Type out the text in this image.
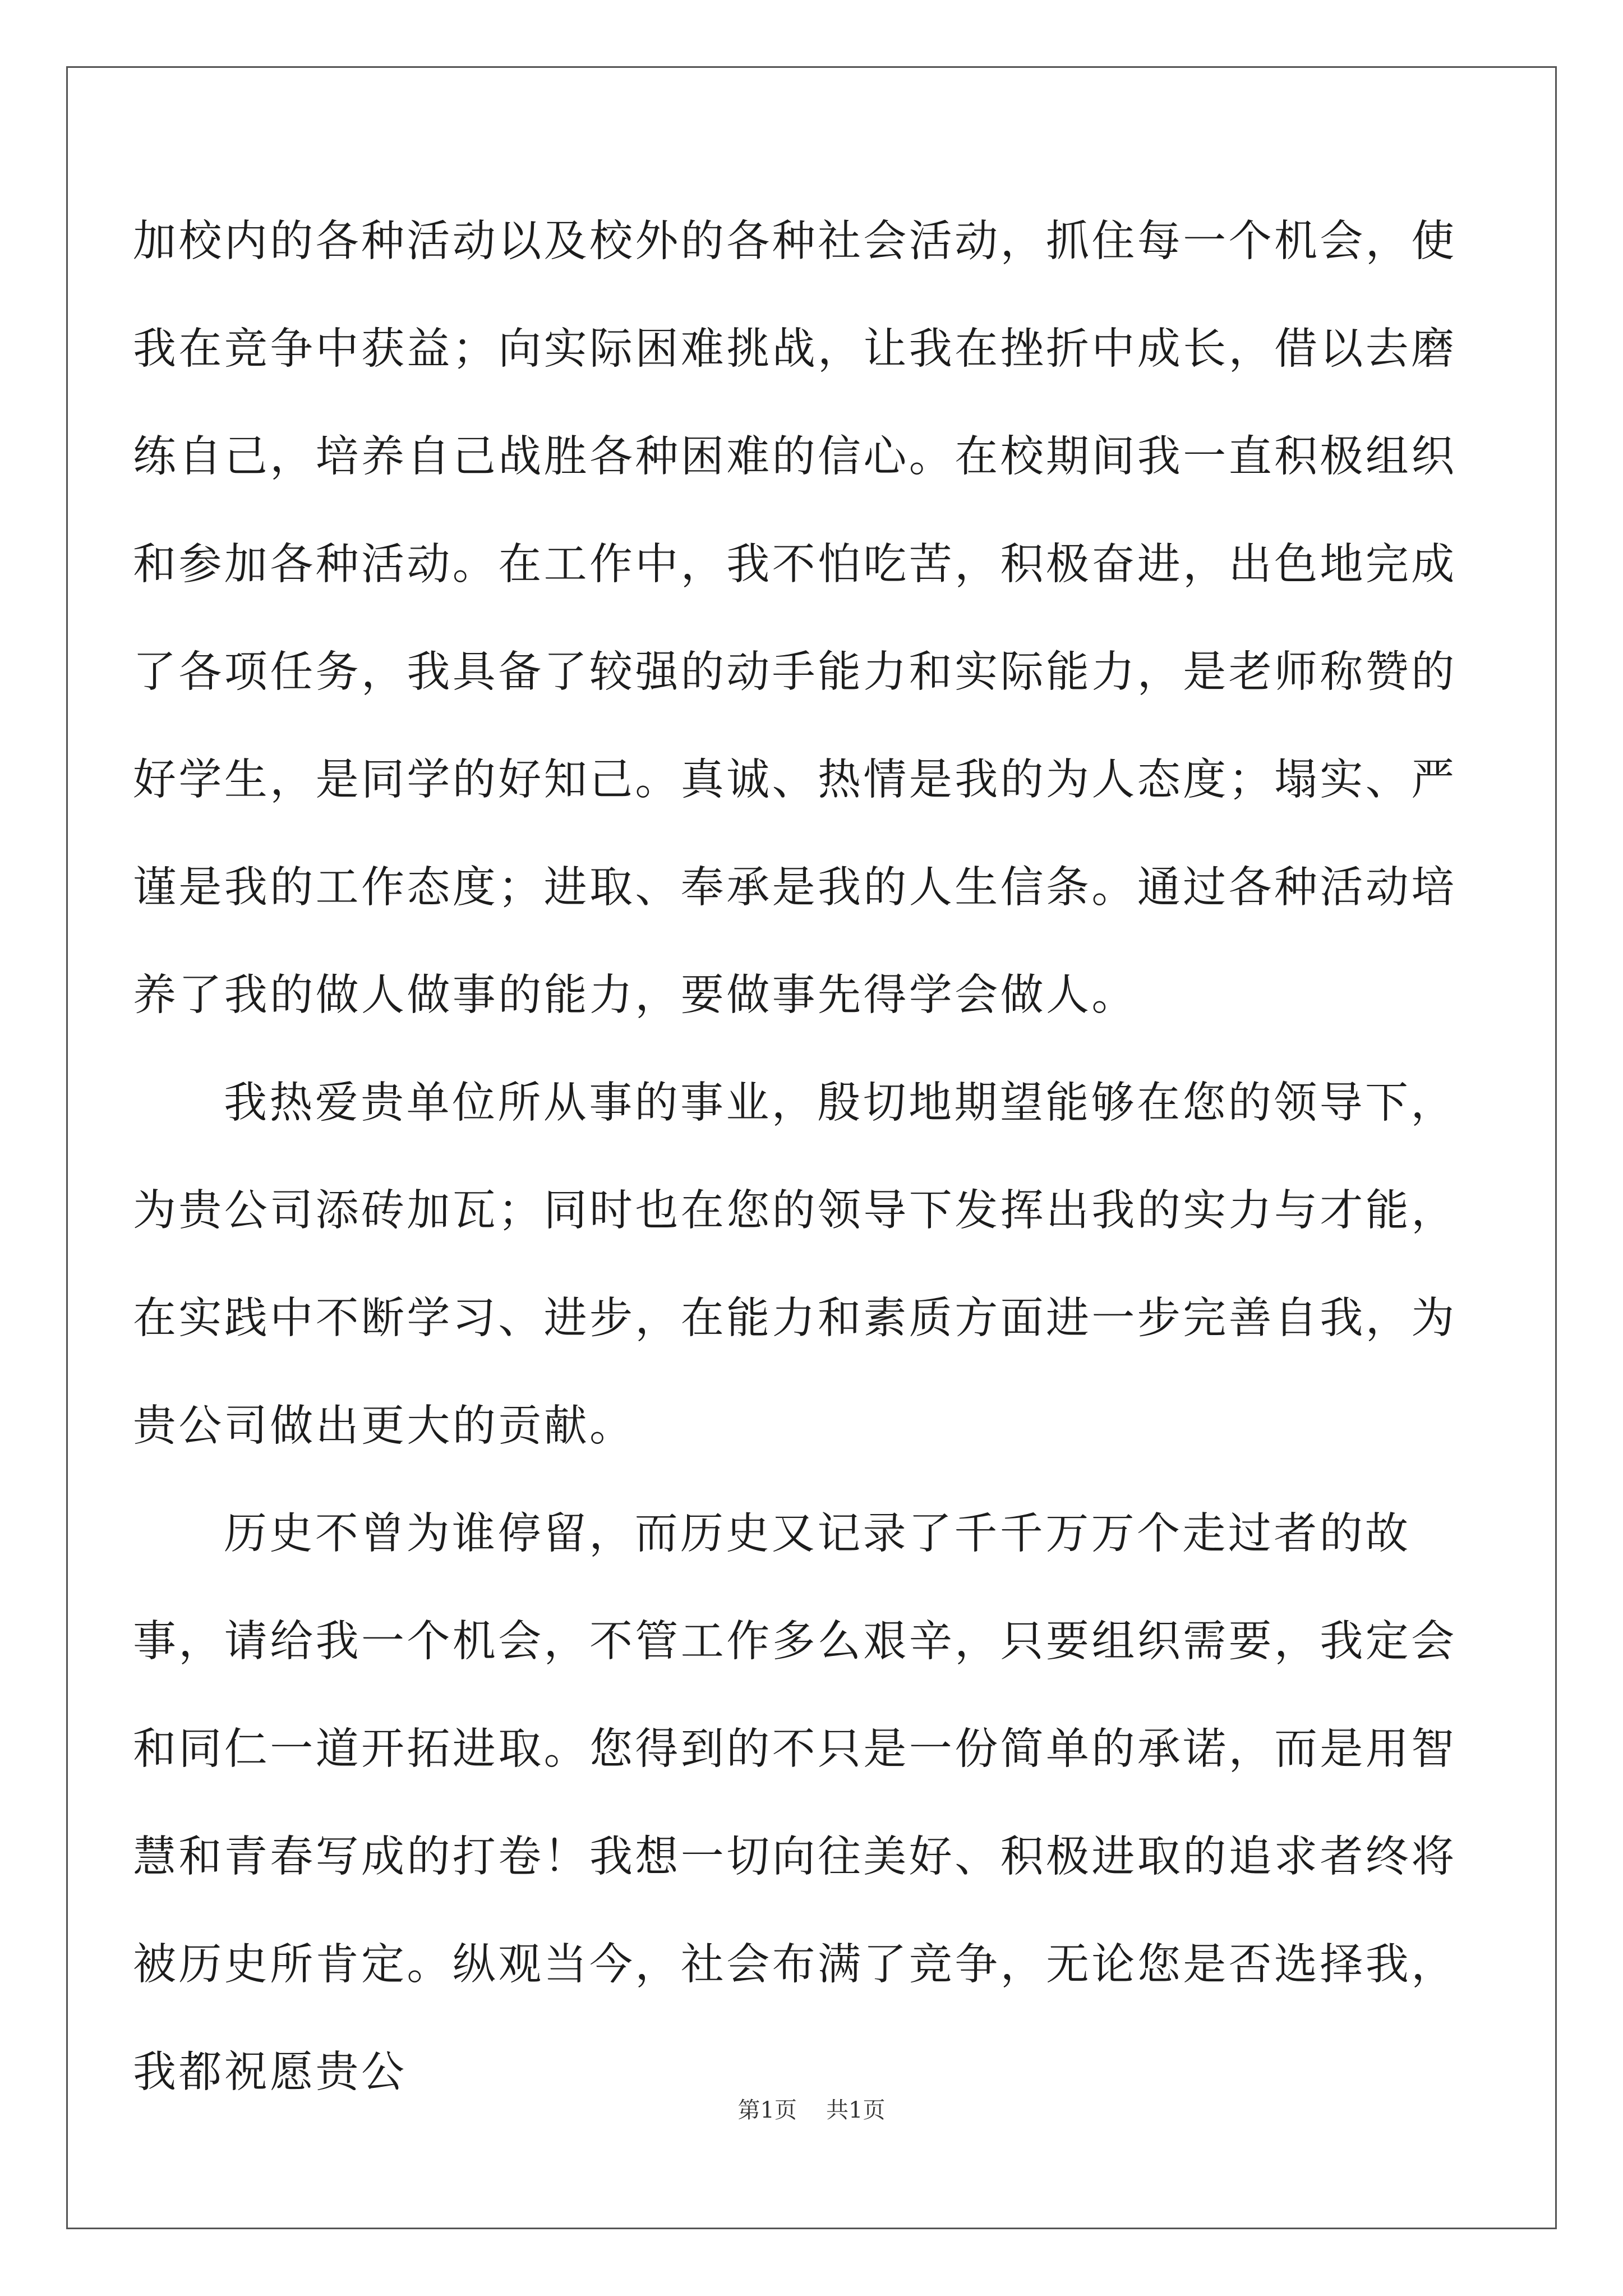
加校内的各种活动以及校外的各种社会活动，抓住每一个机会，使我在竞争中获益；向实际困难挑战，让我在挫折中成长，借以去磨练自己，培养自己战胜各种困难的信心。在校期间我一直积极组织和参加各种活动。在工作中，我不怕吃苦，积极奋进，出色地完成了各项任务，我具备了较强的动手能力和实际能力，是老师称赞的好学生，是同学的好知己。真诚、热情是我的为人态度；塌实、严谨是我的工作态度；进取、奉承是我的人生信条。通过各种活动培养了我的做人做事的能力，要做事先得学会做人。

我热爱贵单位所从事的事业，殷切地期望能够在您的领导下，为贵公司添砖加瓦；同时也在您的领导下发挥出我的实力与才能，在实践中不断学习、进步，在能力和素质方面进一步完善自我，为贵公司做出更大的贡献。

历史不曾为谁停留，而历史又记录了千千万万个走过者的故事，请给我一个机会，不管工作多么艰辛，只要组织需要，我定会和同仁一道开拓进取。您得到的不只是一份简单的承诺，而是用智慧和青春写成的打卷！我想一切向往美好、积极进取的追求者终将被历史所肯定。纵观当今，社会布满了竞争，无论您是否选择我，我都祝愿贵公

第1页 共1页
